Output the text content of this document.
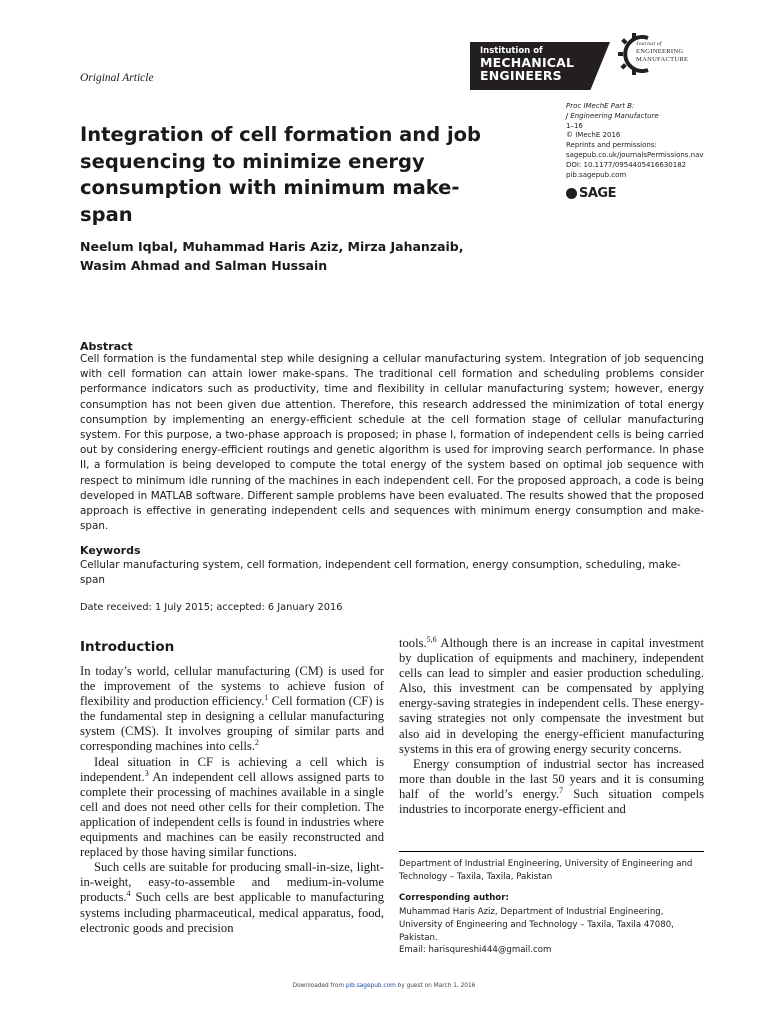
Original Article
Institution of
MECHANICAL
ENGINEERS
Journal of
ENGINEERING
MANUFACTURE
Proc IMechE Part B:
J Engineering Manufacture
1–16
© IMechE 2016
Reprints and permissions:
sagepub.co.uk/journalsPermissions.nav
DOI: 10.1177/0954405416630182
pib.sagepub.com
SAGE
Integration of cell formation and job sequencing to minimize energy consumption with minimum make-span
Neelum Iqbal, Muhammad Haris Aziz, Mirza Jahanzaib,
Wasim Ahmad and Salman Hussain
Abstract
Cell formation is the fundamental step while designing a cellular manufacturing system. Integration of job sequencing with cell formation can attain lower make-spans. The traditional cell formation and scheduling problems consider performance indicators such as productivity, time and flexibility in cellular manufacturing system; however, energy consumption has not been given due attention. Therefore, this research addressed the minimization of total energy consumption by implementing an energy-efficient schedule at the cell formation stage of cellular manufacturing system. For this purpose, a two-phase approach is proposed; in phase I, formation of independent cells is being carried out by considering energy-efficient routings and genetic algorithm is used for improving search performance. In phase II, a formulation is being developed to compute the total energy of the system based on optimal job sequence with respect to minimum idle running of the machines in each independent cell. For the proposed approach, a code is being developed in MATLAB software. Different sample problems have been evaluated. The results showed that the proposed approach is effective in generating independent cells and sequences with minimum energy consumption and make-span.
Keywords
Cellular manufacturing system, cell formation, independent cell formation, energy consumption, scheduling, make-span
Date received: 1 July 2015; accepted: 6 January 2016
Introduction

In today’s world, cellular manufacturing (CM) is used for the improvement of the systems to achieve fusion of flexibility and production efficiency.$^1$ Cell formation (CF) is the fundamental step in designing a cellular manufacturing system (CMS). It involves grouping of similar parts and corresponding machines into cells.$^2$

Ideal situation in CF is achieving a cell which is independent.$^3$ An independent cell allows assigned parts to complete their processing of machines available in a single cell and does not need other cells for their completion. The application of independent cells is found in industries where equipments and machines can be easily reconstructed and replaced by those having similar functions.

Such cells are suitable for producing small-in-size, light-in-weight, easy-to-assemble and medium-in-volume products.$^4$ Such cells are best applicable to manufacturing systems including pharmaceutical, medical apparatus, food, electronic goods and precision

tools.$^{5,6}$ Although there is an increase in capital investment by duplication of equipments and machinery, independent cells can lead to simpler and easier production scheduling. Also, this investment can be compensated by applying energy-saving strategies in independent cells. These energy-saving strategies not only compensate the investment but also aid in developing the energy-efficient manufacturing systems in this era of growing energy security concerns.

Energy consumption of industrial sector has increased more than double in the last 50 years and it is consuming half of the world’s energy.$^7$ Such situation compels industries to incorporate energy-efficient and

Department of Industrial Engineering, University of Engineering and Technology – Taxila, Taxila, Pakistan
Corresponding author:
Muhammad Haris Aziz, Department of Industrial Engineering, University of Engineering and Technology – Taxila, Taxila 47080, Pakistan.
Email: harisqureshi444@gmail.com
Downloaded from pib.sagepub.com by guest on March 1, 2016
